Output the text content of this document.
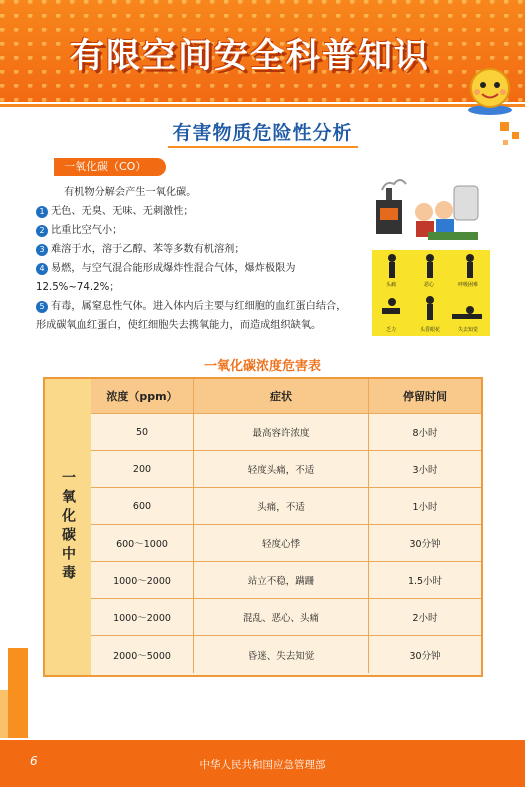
有限空间安全科普知识
有害物质危险性分析
一氧化碳（CO）
有机物分解会产生一氧化碳。
1 无色、无臭、无味、无刺激性；
2 比重比空气小；
3 难溶于水，溶于乙醇、苯等多数有机溶剂；
4 易燃，与空气混合能形成爆炸性混合气体，爆炸极限为
12.5%~74.2%；
5 有毒，属窒息性气体。进入体内后主要与红细胞的血红蛋白结合，
形成碳氧血红蛋白，使红细胞失去携氧能力，而造成组织缺氧。
头痛	恶心	呼吸困难
乏力	头昏眼花	失去知觉
一氧化碳浓度危害表
一氧化碳中毒
浓度（ppm）	症状	停留时间
50	最高容许浓度	8小时
200	轻度头痛，不适	3小时
600	头痛，不适	1小时
600～1000	轻度心悸	30分钟
1000～2000	站立不稳，蹒跚	1.5小时
1000～2000	混乱、恶心、头痛	2小时
2000～5000	昏迷、失去知觉	30分钟
6	中华人民共和国应急管理部
